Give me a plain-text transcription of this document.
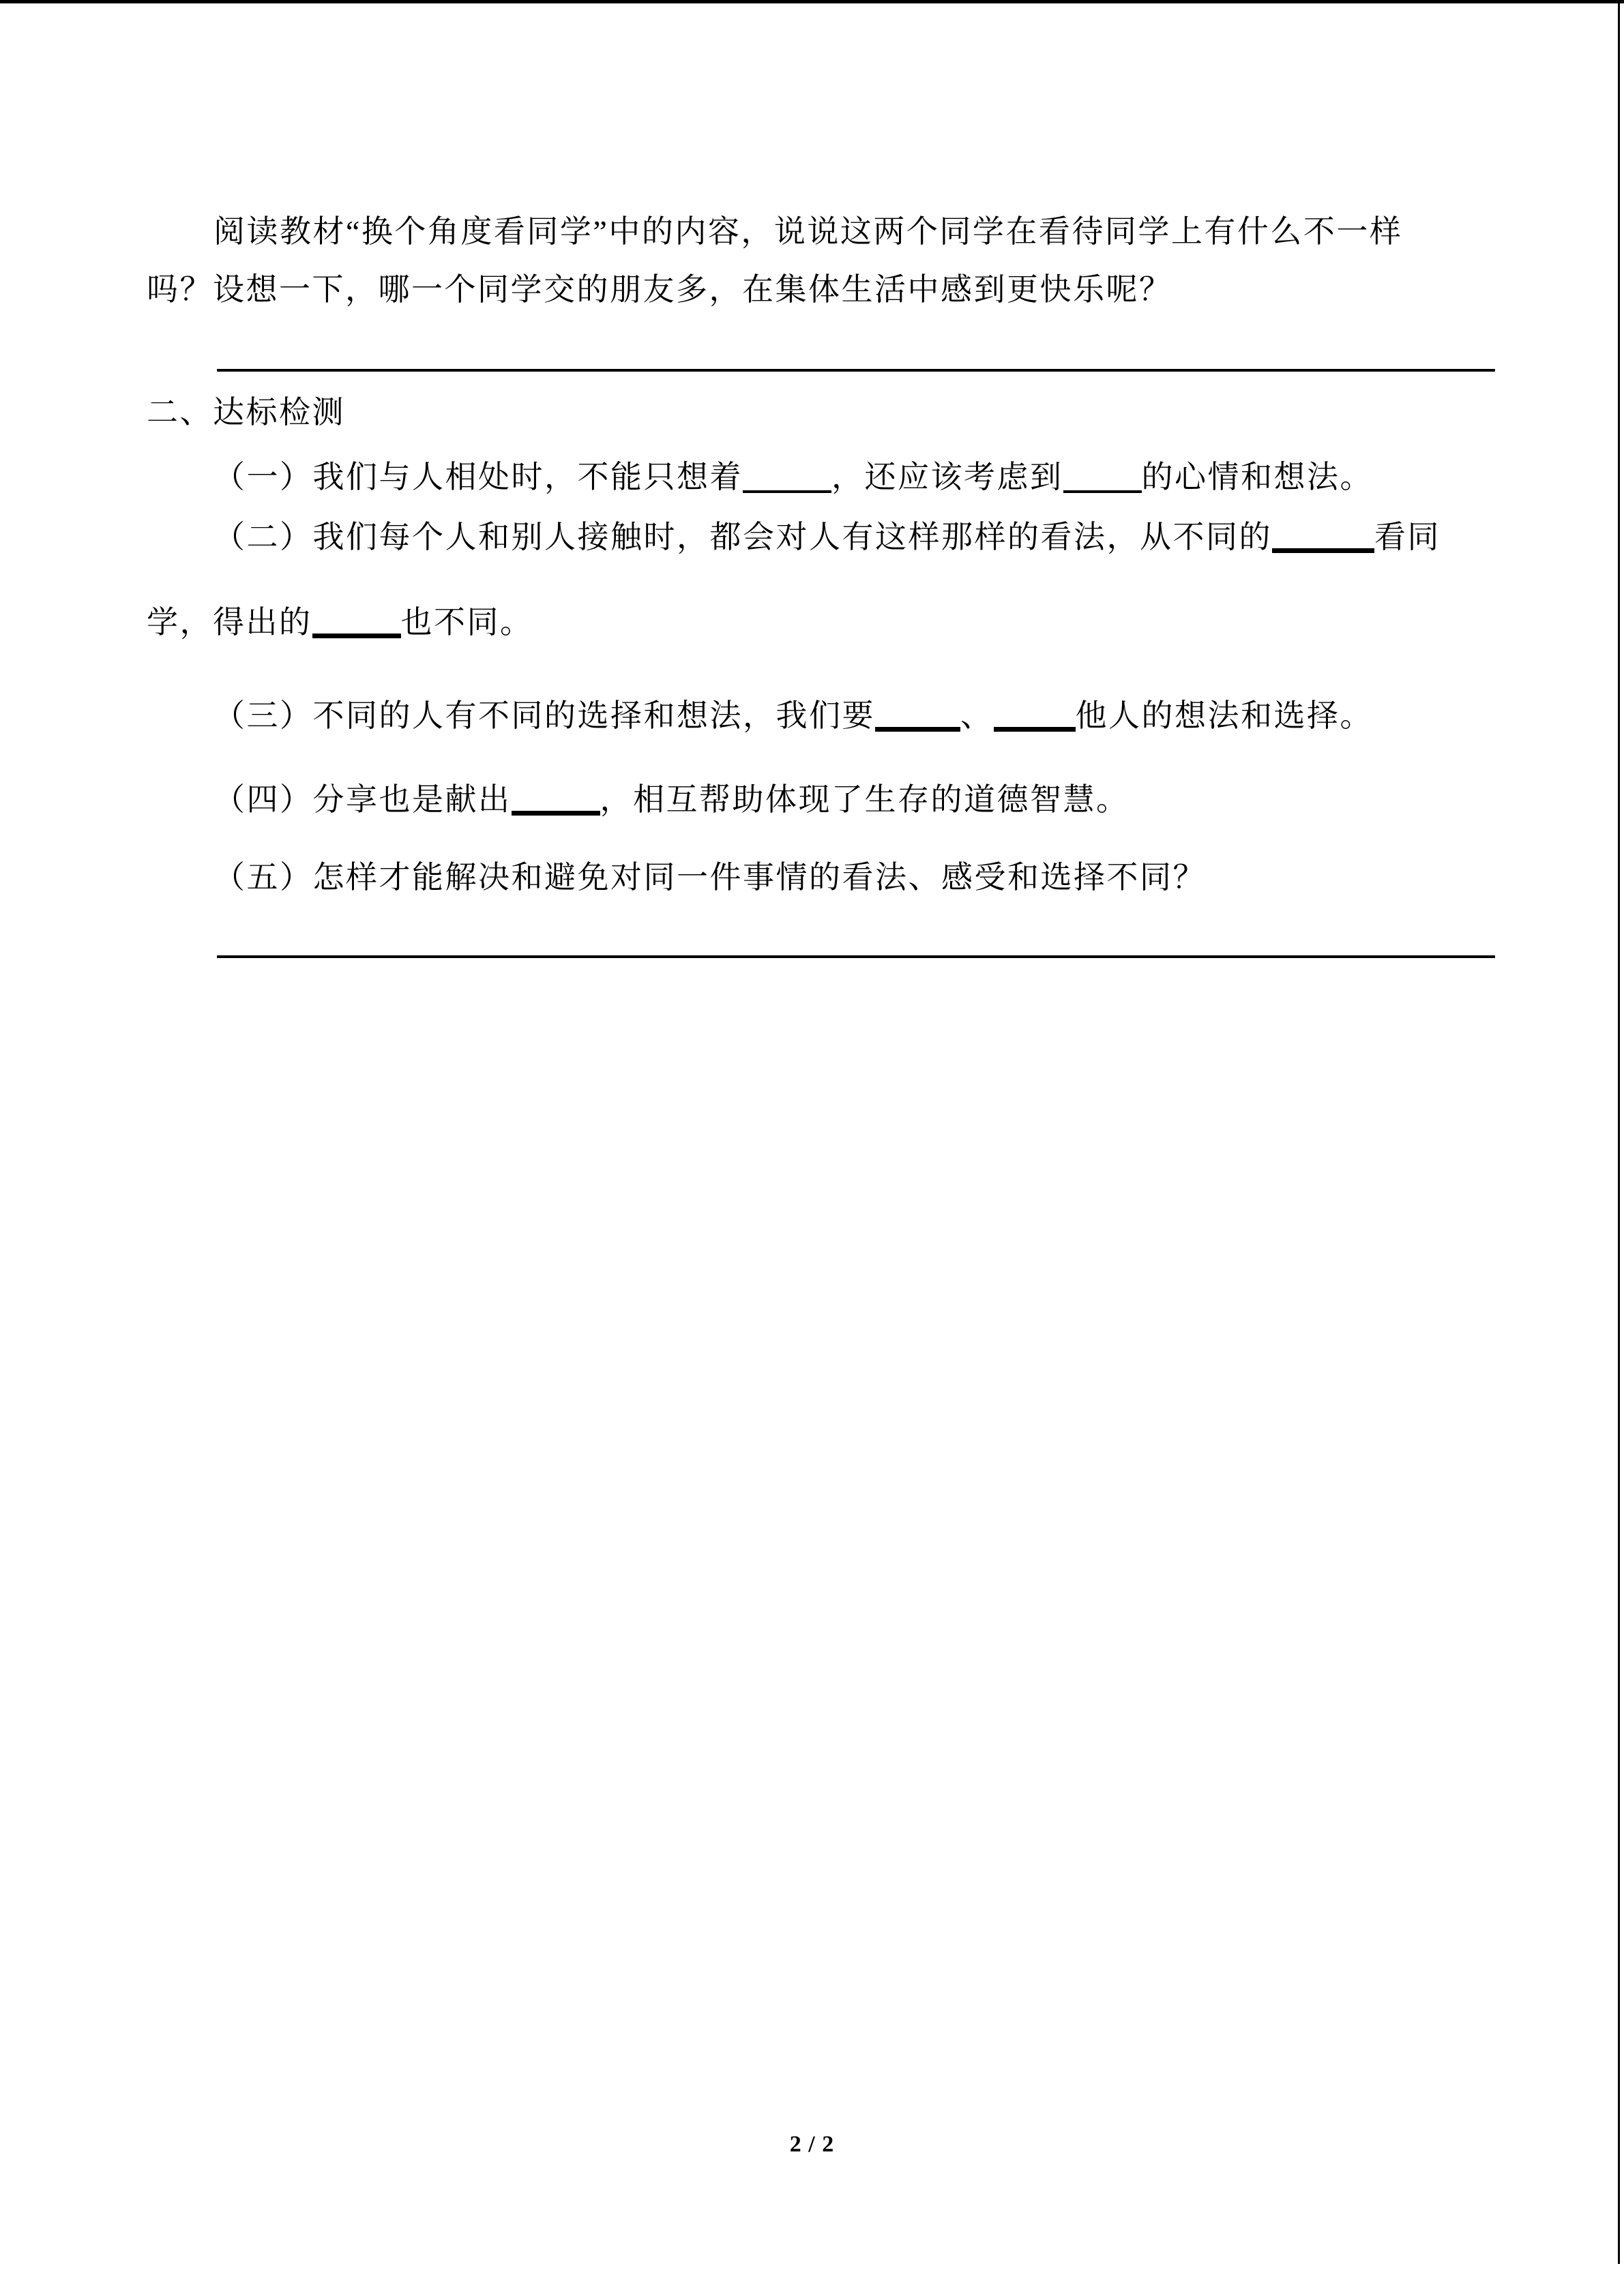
阅读教材“换个角度看同学”中的内容，说说这两个同学在看待同学上有什么不一样
吗？设想一下，哪一个同学交的朋友多，在集体生活中感到更快乐呢？
二、达标检测
（一）我们与人相处时，不能只想着	，还应该考虑到	的心情和想法。
（二）我们每个人和别人接触时，都会对人有这样那样的看法，从不同的	看同
学，得出的	也不同。
（三）不同的人有不同的选择和想法，我们要	、	他人的想法和选择。
（四）分享也是献出	，相互帮助体现了生存的道德智慧。
（五）怎样才能解决和避免对同一件事情的看法、感受和选择不同？
2 / 2
